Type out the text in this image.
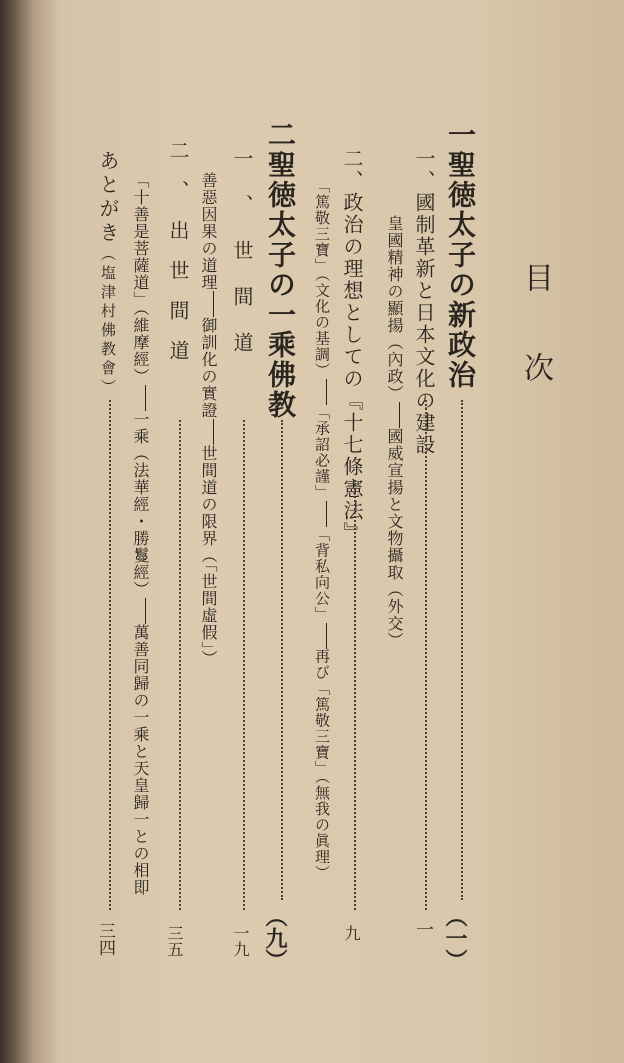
目次
一聖徳太子の新政治
（一）
一、國制革新と日本文化の建設
一
皇國精神の顯揚（內政）國威宣揚と文物攝取（外交）
二、政治の理想としての『十七條憲法』
九
「篤敬三寶」（文化の基調）「承詔必謹」「背私向公」再び「篤敬三寶」（無我の眞理）
二聖徳太子の一乘佛教
（九）
一、世間道
一九
善惡因果の道理御訓化の實證世間道の限界（「世間虛假」）
二、出世間道
三五
「十善是菩薩道」（維摩經）一乘（法華經・勝鬘經）萬善同歸の一乘と天皇歸一との相即
あとがき（塩津村佛教會）
三四
